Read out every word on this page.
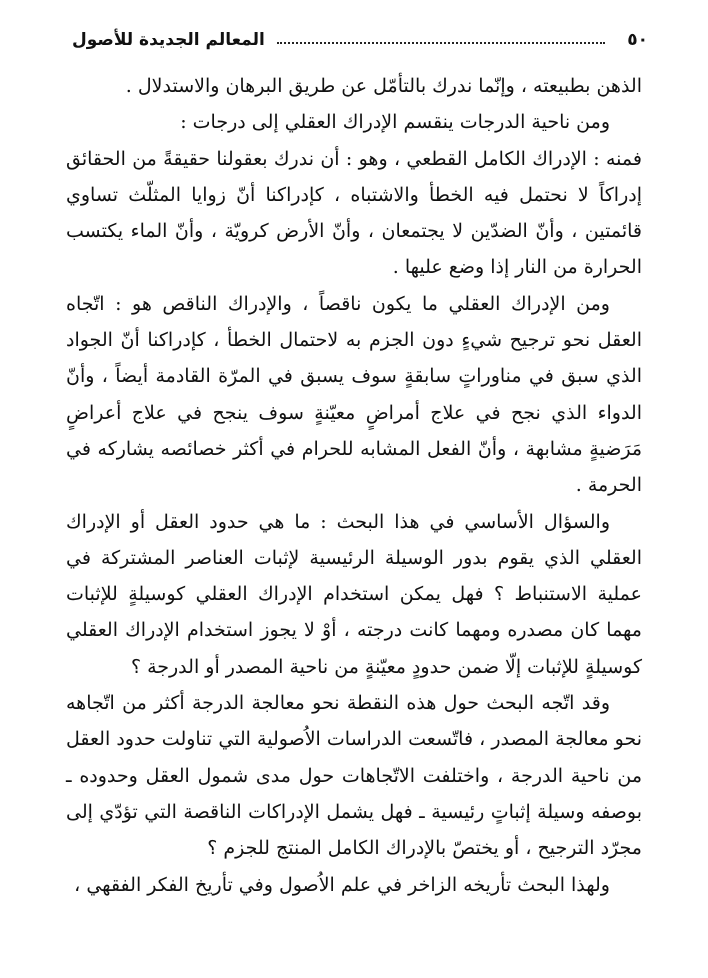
٥٠
المعالم الجديدة للأصول

الذهن بطبيعته ، وإنّما ندرك بالتأمّل عن طريق البرهان والاستدلال .

ومن ناحية الدرجات ينقسم الإدراك العقلي إلى درجات :

فمنه : الإدراك الكامل القطعي ، وهو : أن ندرك بعقولنا حقيقةً من الحقائق إدراكاً لا نحتمل فيه الخطأ والاشتباه ، كإدراكنا أنّ زوايا المثلّث تساوي قائمتين ، وأنّ الضدّين لا يجتمعان ، وأنّ الأرض كرويّة ، وأنّ الماء يكتسب الحرارة من النار إذا وضع عليها .

ومن الإدراك العقلي ما يكون ناقصاً ، والإدراك الناقص هو : اتّجاه العقل نحو ترجيح شيءٍ دون الجزم به لاحتمال الخطأ ، كإدراكنا أنّ الجواد الذي سبق في مناوراتٍ سابقةٍ سوف يسبق في المرّة القادمة أيضاً ، وأنّ الدواء الذي نجح في علاج أمراضٍ معيّنةٍ سوف ينجح في علاج أعراضٍ مَرَضيةٍ مشابهة ، وأنّ الفعل المشابه للحرام في أكثر خصائصه يشاركه في الحرمة .

والسؤال الأساسي في هذا البحث : ما هي حدود العقل أو الإدراك العقلي الذي يقوم بدور الوسيلة الرئيسية لإثبات العناصر المشتركة في عملية الاستنباط ؟ فهل يمكن استخدام الإدراك العقلي كوسيلةٍ للإثبات مهما كان مصدره ومهما كانت درجته ، أوْ لا يجوز استخدام الإدراك العقلي كوسيلةٍ للإثبات إلّا ضمن حدودٍ معيّنةٍ من ناحية المصدر أو الدرجة ؟

وقد اتّجه البحث حول هذه النقطة نحو معالجة الدرجة أكثر من اتّجاهه نحو معالجة المصدر ، فاتّسعت الدراسات الاُصولية التي تناولت حدود العقل من ناحية الدرجة ، واختلفت الاتّجاهات حول مدى شمول العقل وحدوده ـ بوصفه وسيلة إثباتٍ رئيسية ـ فهل يشمل الإدراكات الناقصة التي تؤدّي إلى مجرّد الترجيح ، أو يختصّ بالإدراك الكامل المنتج للجزم ؟

ولهذا البحث تأريخه الزاخر في علم الاُصول وفي تأريخ الفكر الفقهي ،
